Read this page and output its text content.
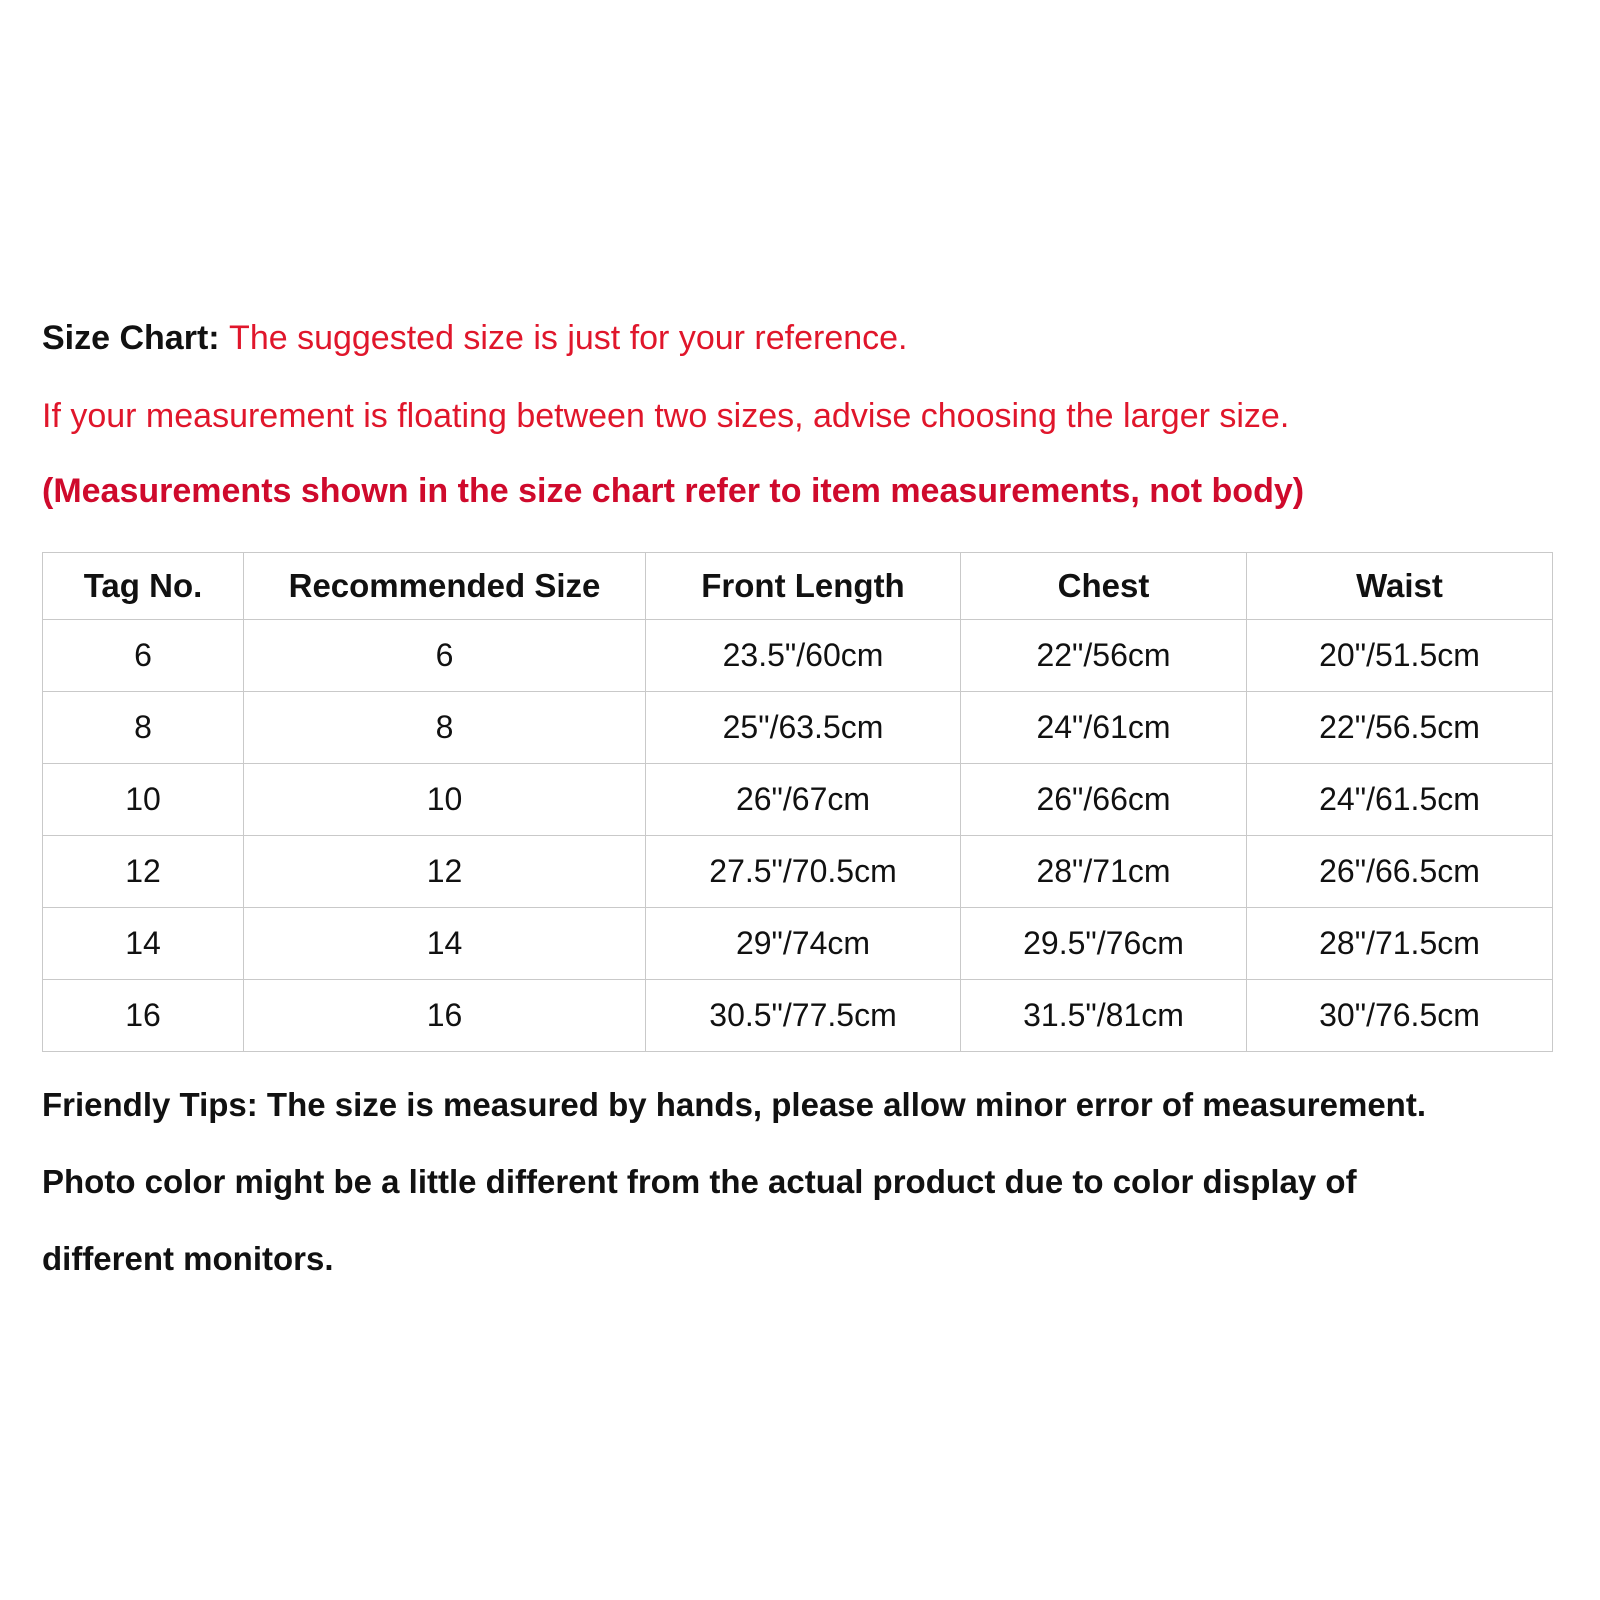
Size Chart: The suggested size is just for your reference.
If your measurement is floating between two sizes, advise choosing the larger size.
(Measurements shown in the size chart refer to item measurements, not body)
Tag No.	Recommended Size	Front Length	Chest	Waist
6	6	23.5"/60cm	22"/56cm	20"/51.5cm
8	8	25"/63.5cm	24"/61cm	22"/56.5cm
10	10	26"/67cm	26"/66cm	24"/61.5cm
12	12	27.5"/70.5cm	28"/71cm	26"/66.5cm
14	14	29"/74cm	29.5"/76cm	28"/71.5cm
16	16	30.5"/77.5cm	31.5"/81cm	30"/76.5cm
Friendly Tips: The size is measured by hands, please allow minor error of measurement.
Photo color might be a little different from the actual product due to color display of
different monitors.
